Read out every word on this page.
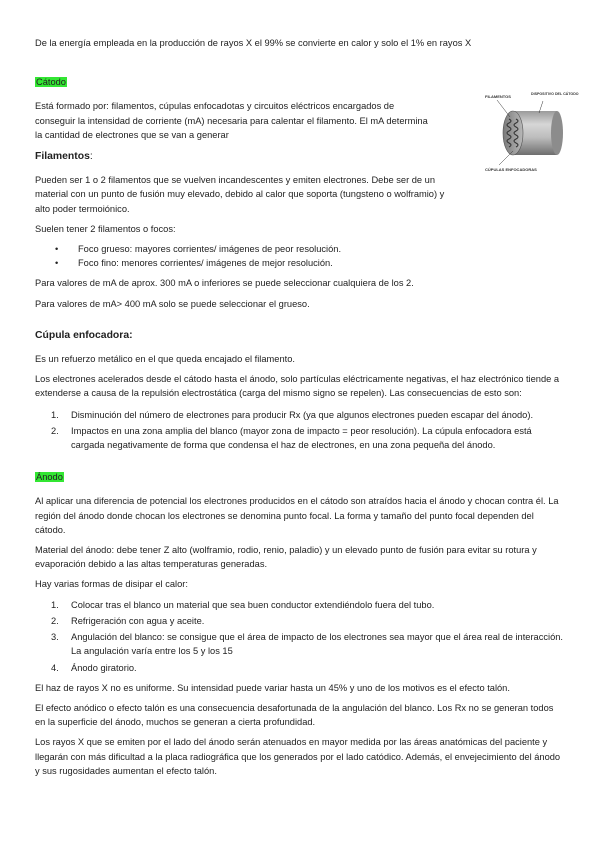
De la energía empleada en la producción de rayos X el 99% se convierte en calor y solo el 1% en rayos X

Cátodo

Está formado por: filamentos, cúpulas enfocadotas y circuitos eléctricos encargados de conseguir la intensidad de corriente (mA) necesaria para calentar el filamento. El mA determina la cantidad de electrones que se van a generar

FILAMENTOS	DISPOSITIVO DEL CÁTODO
CÚPULAS ENFOCADORAS

Filamentos:

Pueden ser 1 o 2 filamentos que se vuelven incandescentes y emiten electrones. Debe ser de un material con un punto de fusión muy elevado, debido al calor que soporta (tungsteno o wolframio) y alto poder termoiónico.

Suelen tener 2 filamentos o focos:

• Foco grueso: mayores corrientes/ imágenes de peor resolución.
• Foco fino: menores corrientes/ imágenes de mejor resolución.

Para valores de mA de aprox. 300 mA o inferiores se puede seleccionar cualquiera de los 2.

Para valores de mA> 400 mA solo se puede seleccionar el grueso.

Cúpula enfocadora:

Es un refuerzo metálico en el que queda encajado el filamento.

Los electrones acelerados desde el cátodo hasta el ánodo, solo partículas eléctricamente negativas, el haz electrónico tiende a extenderse a causa de la repulsión electrostática (carga del mismo signo se repelen). Las consecuencias de esto son:

1. Disminución del número de electrones para producir Rx (ya que algunos electrones pueden escapar del ánodo).
2. Impactos en una zona amplia del blanco (mayor zona de impacto = peor resolución). La cúpula enfocadora está cargada negativamente de forma que condensa el haz de electrones, en una zona pequeña del ánodo.
Ánodo

Al aplicar una diferencia de potencial los electrones producidos en el cátodo son atraídos hacia el ánodo y chocan contra él. La región del ánodo donde chocan los electrones se denomina punto focal. La forma y tamaño del punto focal dependen del cátodo.

Material del ánodo: debe tener Z alto (wolframio, rodio, renio, paladio) y un elevado punto de fusión para evitar su rotura y evaporación debido a las altas temperaturas generadas.

Hay varias formas de disipar el calor:

1. Colocar tras el blanco un material que sea buen conductor extendiéndolo fuera del tubo.
2. Refrigeración con agua y aceite.
3. Angulación del blanco: se consigue que el área de impacto de los electrones sea mayor que el área real de interacción. La angulación varía entre los 5 y los 15
4. Ánodo giratorio.

El haz de rayos X no es uniforme. Su intensidad puede variar hasta un 45% y uno de los motivos es el efecto talón.

El efecto anódico o efecto talón es una consecuencia desafortunada de la angulación del blanco. Los Rx no se generan todos en la superficie del ánodo, muchos se generan a cierta profundidad.

Los rayos X que se emiten por el lado del ánodo serán atenuados en mayor medida por las áreas anatómicas del paciente y llegarán con más dificultad a la placa radiográfica que los generados por el lado catódico. Además, el envejecimiento del ánodo y sus rugosidades aumentan el efecto talón.
